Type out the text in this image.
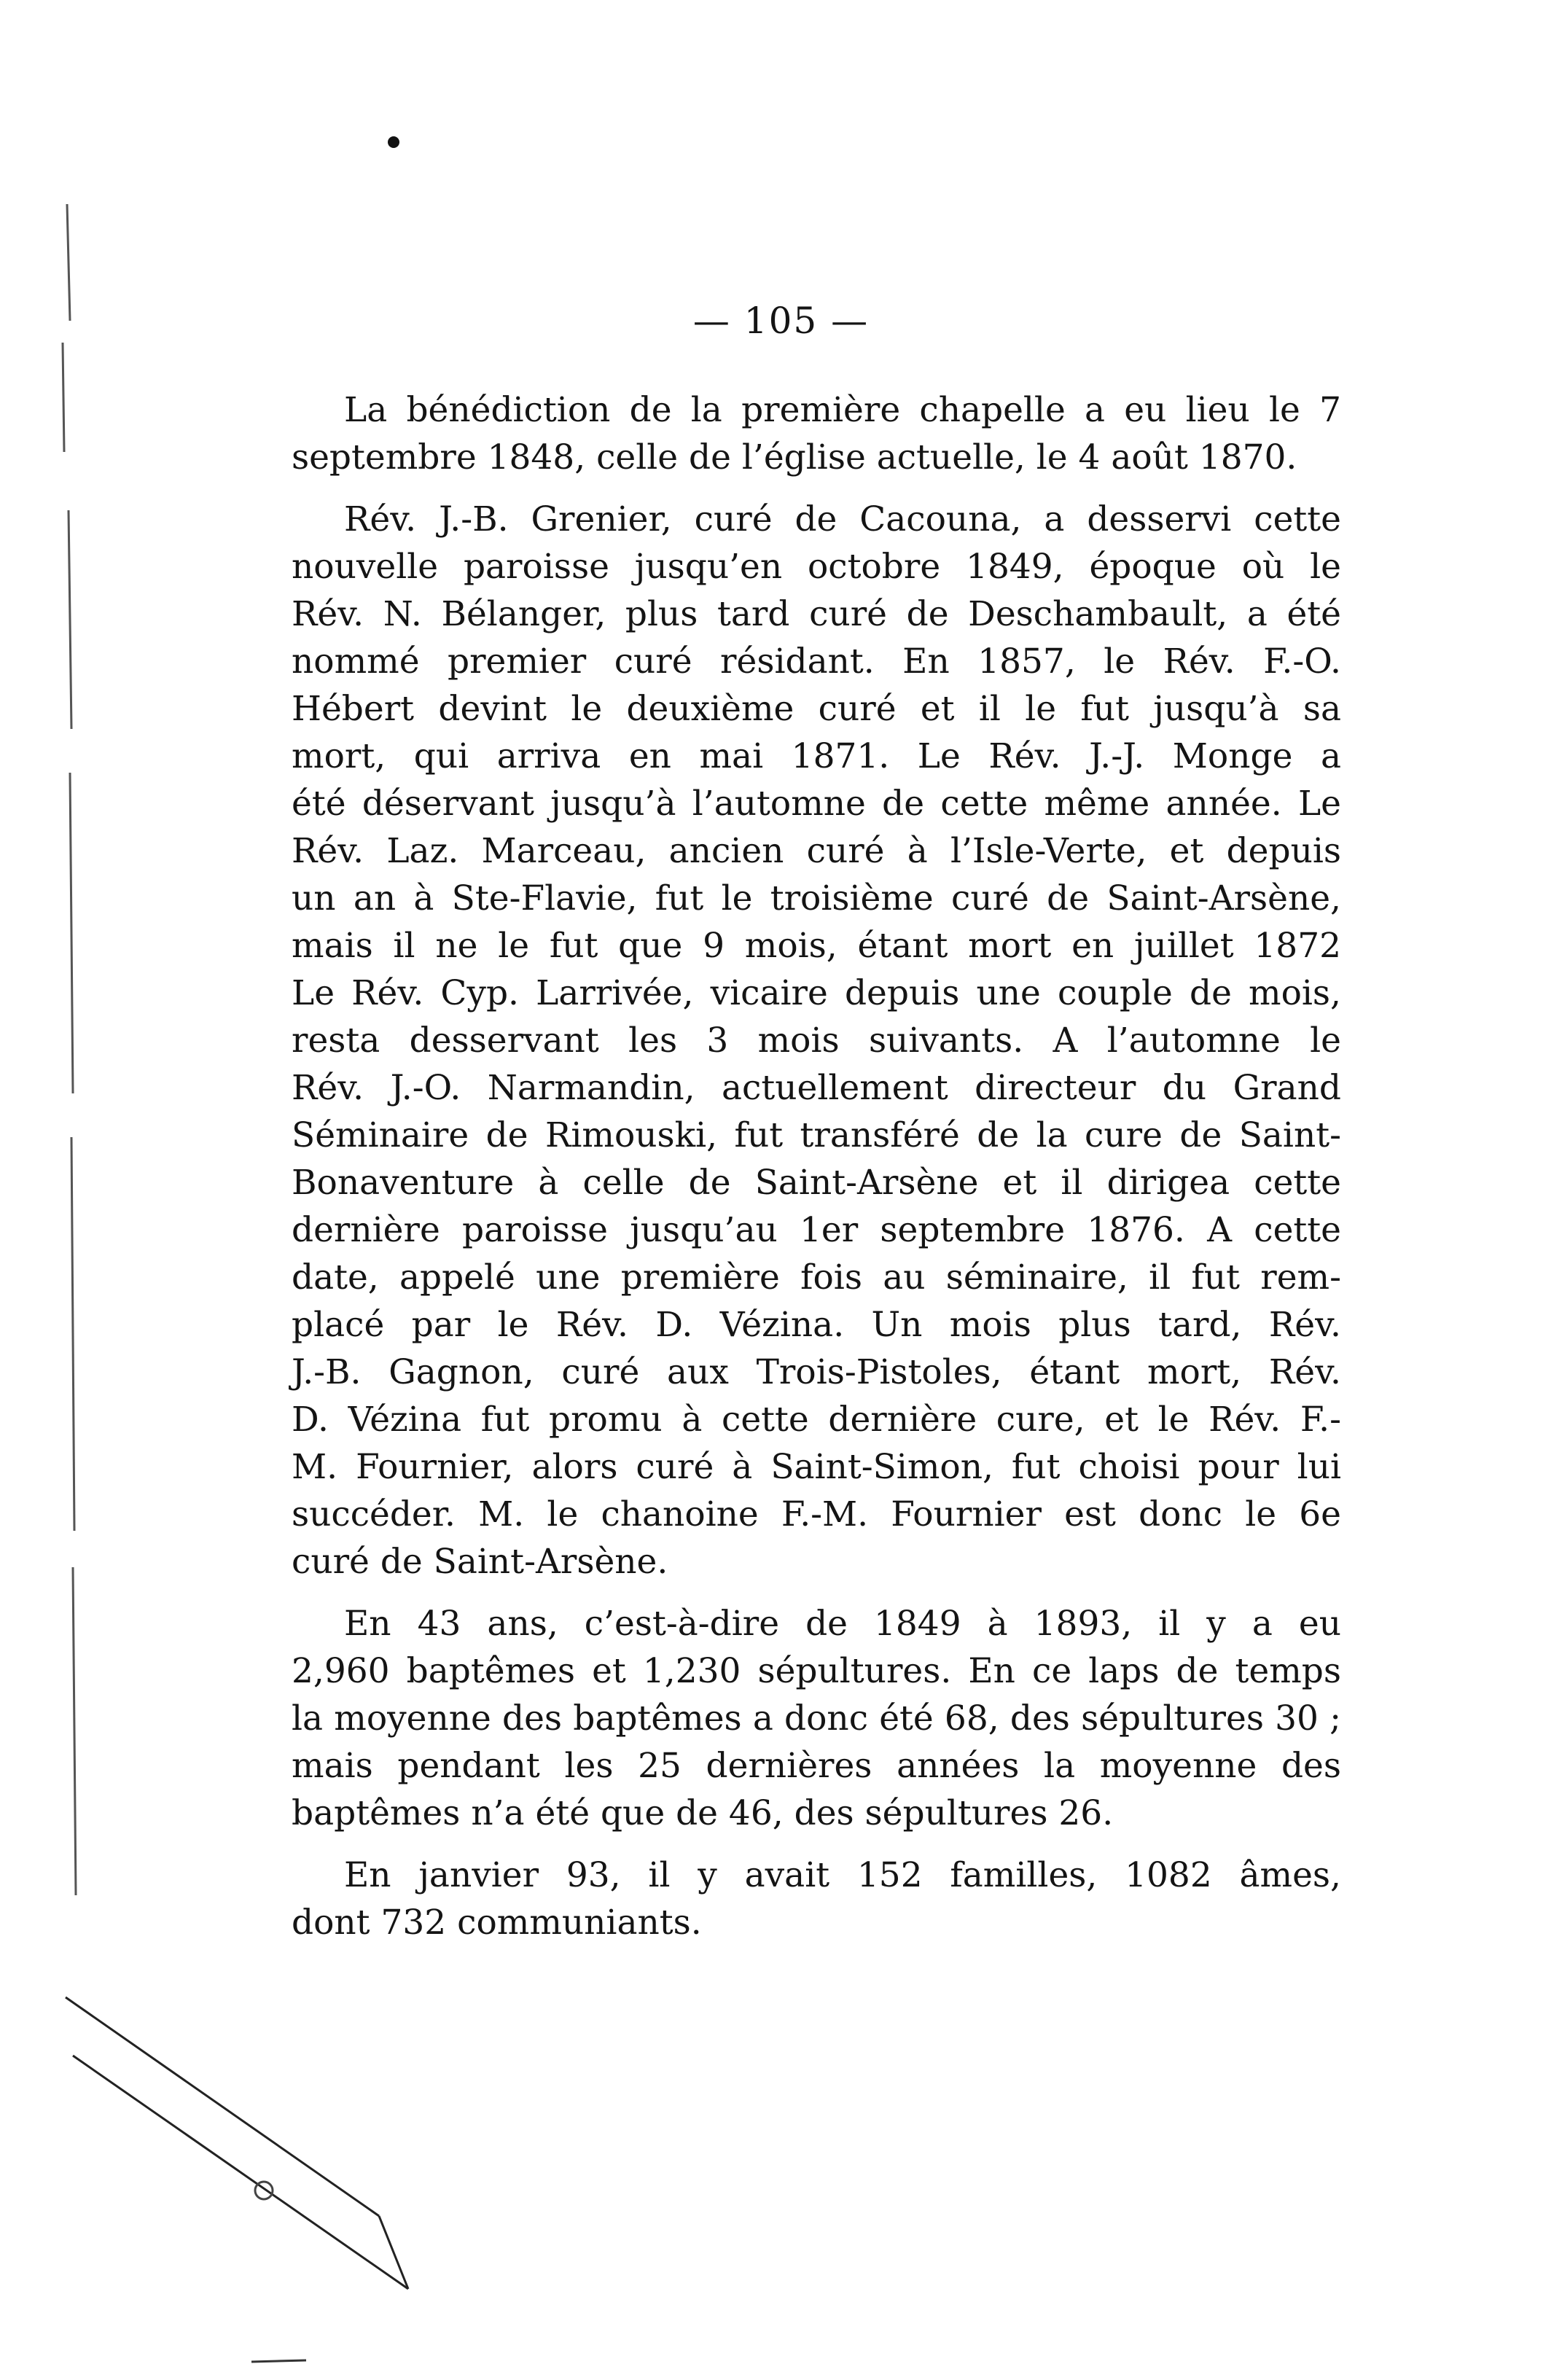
— 105 —
La bénédiction de la première chapelle a eu lieu le 7
septembre 1848, celle de l’église actuelle, le 4 août 1870.
Rév. J.-B. Grenier, curé de Cacouna, a desservi cette
nouvelle paroisse jusqu’en octobre 1849, époque où le
Rév. N. Bélanger, plus tard curé de Deschambault, a été
nommé premier curé résidant. En 1857, le Rév. F.-O.
Hébert devint le deuxième curé et il le fut jusqu’à sa
mort, qui arriva en mai 1871. Le Rév. J.-J. Monge a
été déservant jusqu’à l’automne de cette même année. Le
Rév. Laz. Marceau, ancien curé à l’Isle-Verte, et depuis
un an à Ste-Flavie, fut le troisième curé de Saint-Arsène,
mais il ne le fut que 9 mois, étant mort en juillet 1872
Le Rév. Cyp. Larrivée, vicaire depuis une couple de mois,
resta desservant les 3 mois suivants. A l’automne le
Rév. J.-O. Narmandin, actuellement directeur du Grand
Séminaire de Rimouski, fut transféré de la cure de Saint-
Bonaventure à celle de Saint-Arsène et il dirigea cette
dernière paroisse jusqu’au 1er septembre 1876. A cette
date, appelé une première fois au séminaire, il fut rem-
placé par le Rév. D. Vézina. Un mois plus tard, Rév.
J.-B. Gagnon, curé aux Trois-Pistoles, étant mort, Rév.
D. Vézina fut promu à cette dernière cure, et le Rév. F.-
M. Fournier, alors curé à Saint-Simon, fut choisi pour lui
succéder. M. le chanoine F.-M. Fournier est donc le 6e
curé de Saint-Arsène.
En 43 ans, c’est-à-dire de 1849 à 1893, il y a eu
2,960 baptêmes et 1,230 sépultures. En ce laps de temps
la moyenne des baptêmes a donc été 68, des sépultures 30 ;
mais pendant les 25 dernières années la moyenne des
baptêmes n’a été que de 46, des sépultures 26.
En janvier 93, il y avait 152 familles, 1082 âmes,
dont 732 communiants.
